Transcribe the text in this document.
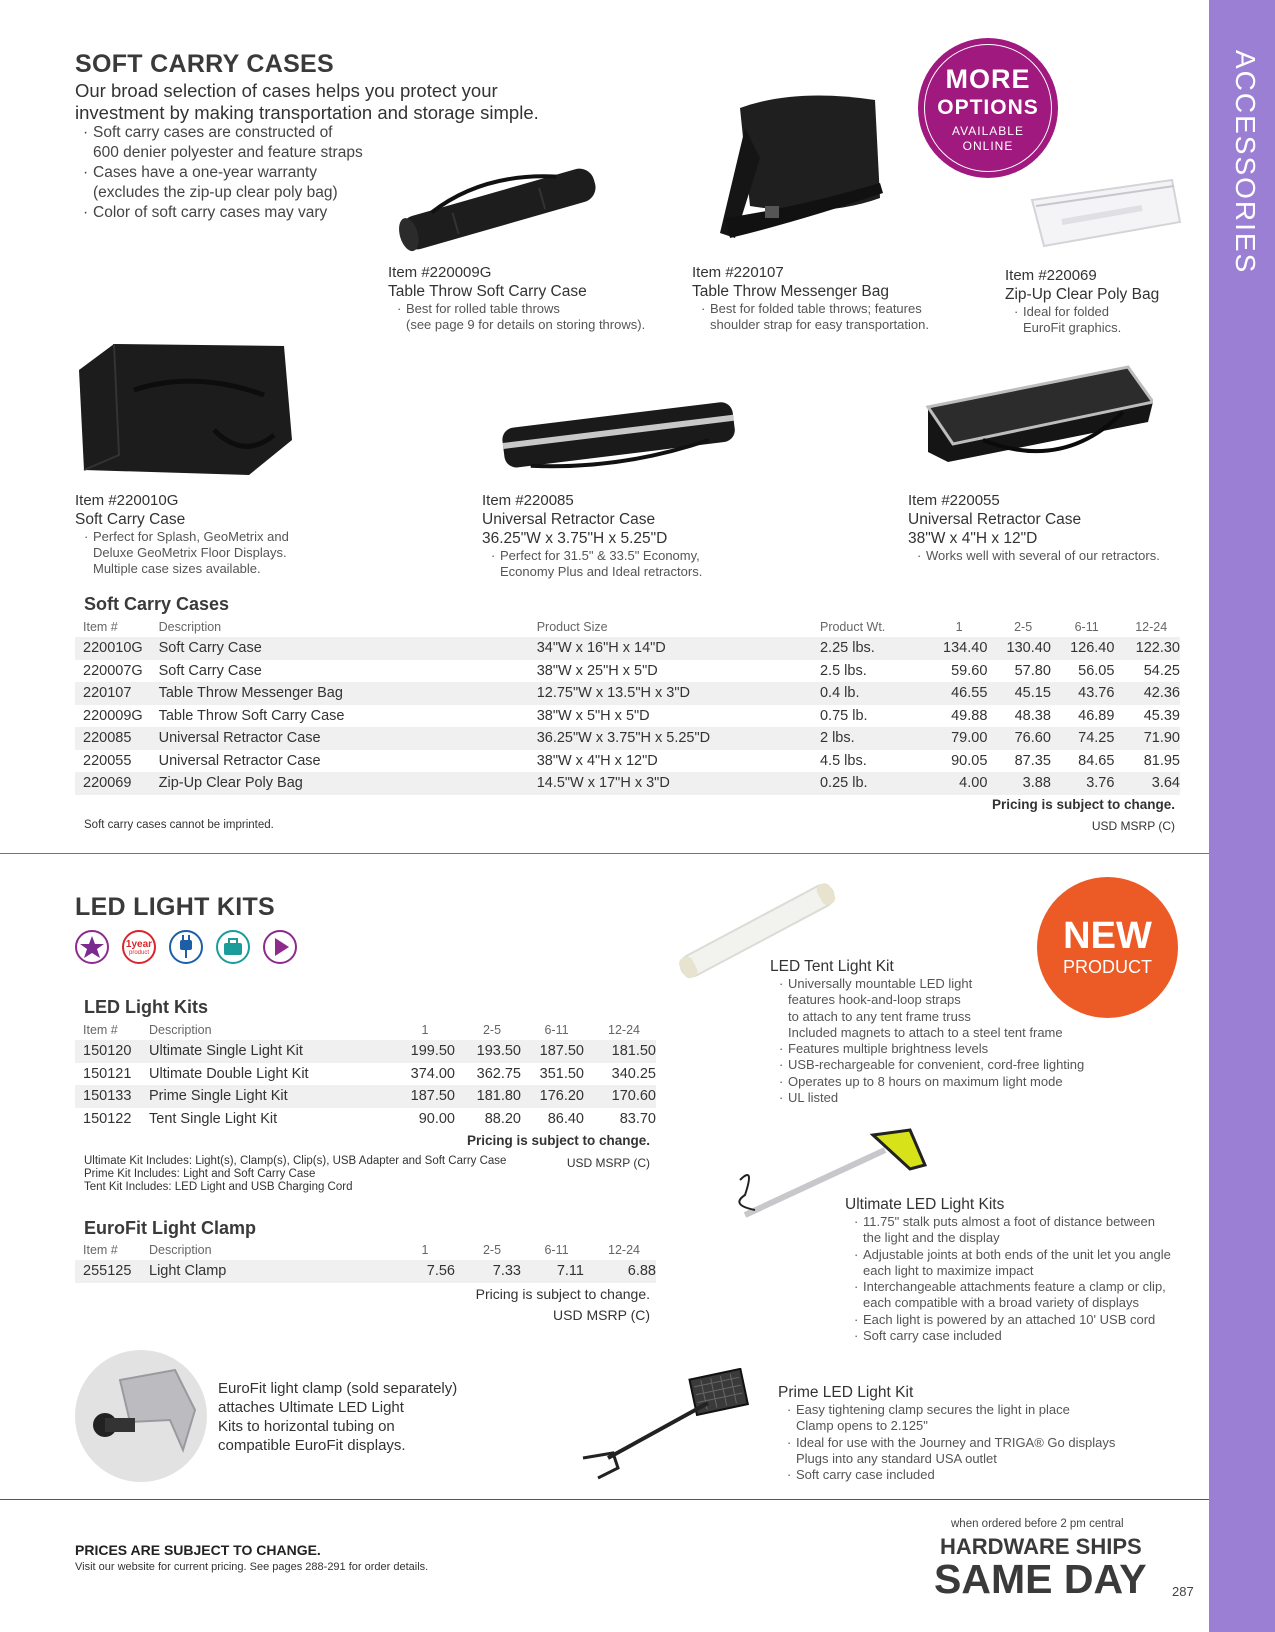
ACCESSORIES
SOFT CARRY CASES
Our broad selection of cases helps you protect your
investment by making transportation and storage simple.
· Soft carry cases are constructed of
600 denier polyester and feature straps
· Cases have a one-year warranty
(excludes the zip-up clear poly bag)
· Color of soft carry cases may vary
MORE
OPTIONS
AVAILABLE
ONLINE
Item #220009G
Table Throw Soft Carry Case
· Best for rolled table throws
(see page 9 for details on storing throws).
Item #220107
Table Throw Messenger Bag
· Best for folded table throws; features
shoulder strap for easy transportation.
Item #220069
Zip-Up Clear Poly Bag
· Ideal for folded
EuroFit graphics.
Item #220010G
Soft Carry Case
· Perfect for Splash, GeoMetrix and
Deluxe GeoMetrix Floor Displays.
Multiple case sizes available.
Item #220085
Universal Retractor Case
36.25"W x 3.75"H x 5.25"D
· Perfect for 31.5" & 33.5" Economy,
Economy Plus and Ideal retractors.
Item #220055
Universal Retractor Case
38"W x 4"H x 12"D
· Works well with several of our retractors.
Soft Carry Cases
Item #	Description	Product Size	Product Wt.	1	2-5	6-11	12-24
220010G	Soft Carry Case	34"W x 16"H x 14"D	2.25 lbs.	134.40	130.40	126.40	122.30
220007G	Soft Carry Case	38"W x 25"H x 5"D	2.5 lbs.	59.60	57.80	56.05	54.25
220107	Table Throw Messenger Bag	12.75"W x 13.5"H x 3"D	0.4 lb.	46.55	45.15	43.76	42.36
220009G	Table Throw Soft Carry Case	38"W x 5"H x 5"D	0.75 lb.	49.88	48.38	46.89	45.39
220085	Universal Retractor Case	36.25"W x 3.75"H x 5.25"D	2 lbs.	79.00	76.60	74.25	71.90
220055	Universal Retractor Case	38"W x 4"H x 12"D	4.5 lbs.	90.05	87.35	84.65	81.95
220069	Zip-Up Clear Poly Bag	14.5"W x 17"H x 3"D	0.25 lb.	4.00	3.88	3.76	3.64
Pricing is subject to change.
Soft carry cases cannot be imprinted.	USD MSRP (C)
LED LIGHT KITS
1year
product
LED Light Kits
Item #	Description	1	2-5	6-11	12-24
150120	Ultimate Single Light Kit	199.50	193.50	187.50	181.50
150121	Ultimate Double Light Kit	374.00	362.75	351.50	340.25
150133	Prime Single Light Kit	187.50	181.80	176.20	170.60
150122	Tent Single Light Kit	90.00	88.20	86.40	83.70
Pricing is subject to change.
Ultimate Kit Includes: Light(s), Clamp(s), Clip(s), USB Adapter and Soft Carry Case
Prime Kit Includes: Light and Soft Carry Case
Tent Kit Includes: LED Light and USB Charging Cord
USD MSRP (C)
EuroFit Light Clamp
Item #	Description	1	2-5	6-11	12-24
255125	Light Clamp	7.56	7.33	7.11	6.88
Pricing is subject to change.
USD MSRP (C)
EuroFit light clamp (sold separately)
attaches Ultimate LED Light
Kits to horizontal tubing on
compatible EuroFit displays.
NEW
PRODUCT
LED Tent Light Kit
· Universally mountable LED light
features hook-and-loop straps
to attach to any tent frame truss
Included magnets to attach to a steel tent frame
· Features multiple brightness levels
· USB-rechargeable for convenient, cord-free lighting
· Operates up to 8 hours on maximum light mode
· UL listed
Ultimate LED Light Kits
· 11.75" stalk puts almost a foot of distance between
the light and the display
· Adjustable joints at both ends of the unit let you angle
each light to maximize impact
· Interchangeable attachments feature a clamp or clip,
each compatible with a broad variety of displays
· Each light is powered by an attached 10' USB cord
· Soft carry case included
Prime LED Light Kit
· Easy tightening clamp secures the light in place
Clamp opens to 2.125"
· Ideal for use with the Journey and TRIGA® Go displays
Plugs into any standard USA outlet
· Soft carry case included
PRICES ARE SUBJECT TO CHANGE.
Visit our website for current pricing. See pages 288-291 for order details.
when ordered before 2 pm central
HARDWARE SHIPS
SAME DAY 287
